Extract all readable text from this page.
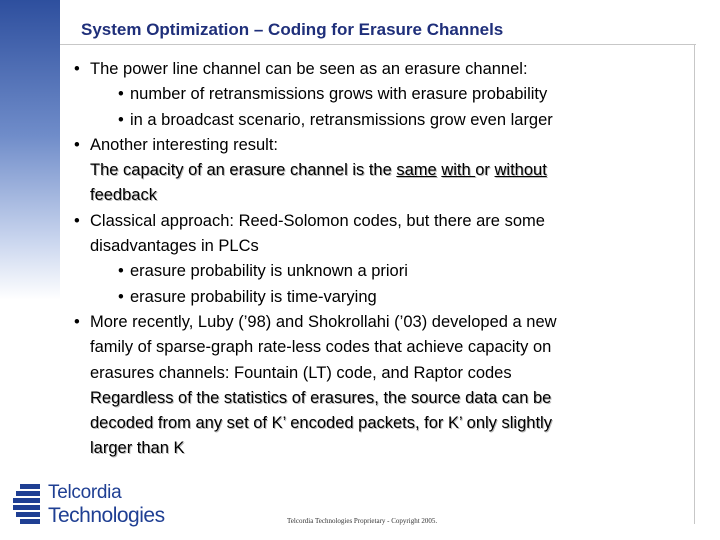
System Optimization – Coding for Erasure Channels
• The power line channel can be seen as an erasure channel:
• number of retransmissions grows with erasure probability
• in a broadcast scenario, retransmissions grow even larger
• Another interesting result:
The capacity of an erasure channel is the same with or without
feedback
• Classical approach: Reed-Solomon codes, but there are some
disadvantages in PLCs
• erasure probability is unknown a priori
• erasure probability is time-varying
• More recently, Luby (’98) and Shokrollahi (’03) developed a new
family of sparse-graph rate-less codes that achieve capacity on
erasures channels: Fountain (LT) code, and Raptor codes
Regardless of the statistics of erasures, the source data can be
decoded from any set of K’ encoded packets, for K’ only slightly
larger than K
Telcordia
Technologies	Telcordia Technologies Proprietary - Copyright 2005.
